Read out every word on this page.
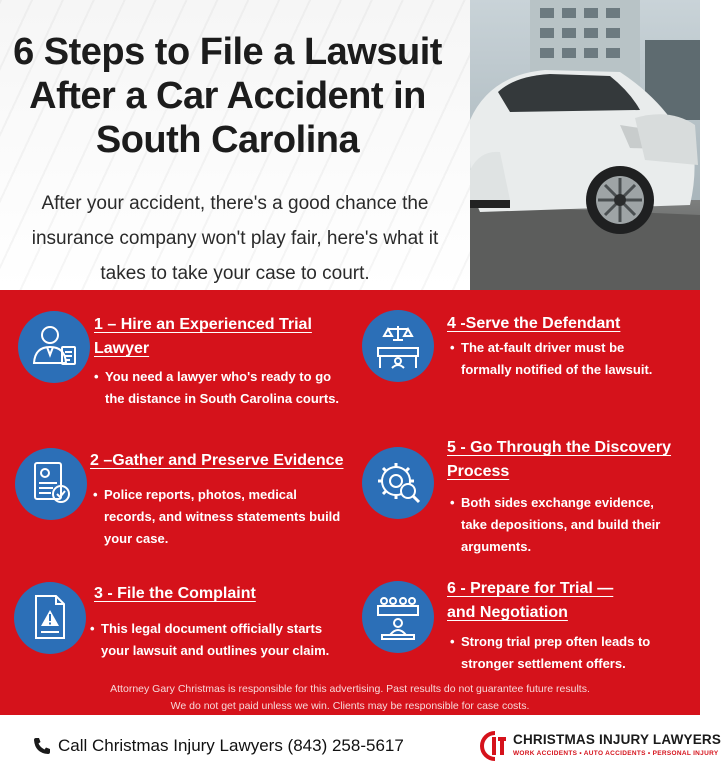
6 Steps to File a Lawsuit
After a Car Accident in
South Carolina
After your accident, there's a good chance the
insurance company won't play fair, here's what it
takes to take your case to court.
1 – Hire an Experienced Trial
Lawyer
• You need a lawyer who's ready to go
the distance in South Carolina courts.
2 –Gather and Preserve Evidence
• Police reports, photos, medical
records, and witness statements build
your case.
3 - File the Complaint
• This legal document officially starts
your lawsuit and outlines your claim.
4 -Serve the Defendant
• The at-fault driver must be
formally notified of the lawsuit.
5 - Go Through the Discovery
Process
• Both sides exchange evidence,
take depositions, and build their
arguments.
6 - Prepare for Trial —
and Negotiation
• Strong trial prep often leads to
stronger settlement offers.
Attorney Gary Christmas is responsible for this advertising. Past results do not guarantee future results.
We do not get paid unless we win. Clients may be responsible for case costs.
Call Christmas Injury Lawyers (843) 258-5617	CHRISTMAS INJURY LAWYERS
WORK ACCIDENTS • AUTO ACCIDENTS • PERSONAL INJURY
